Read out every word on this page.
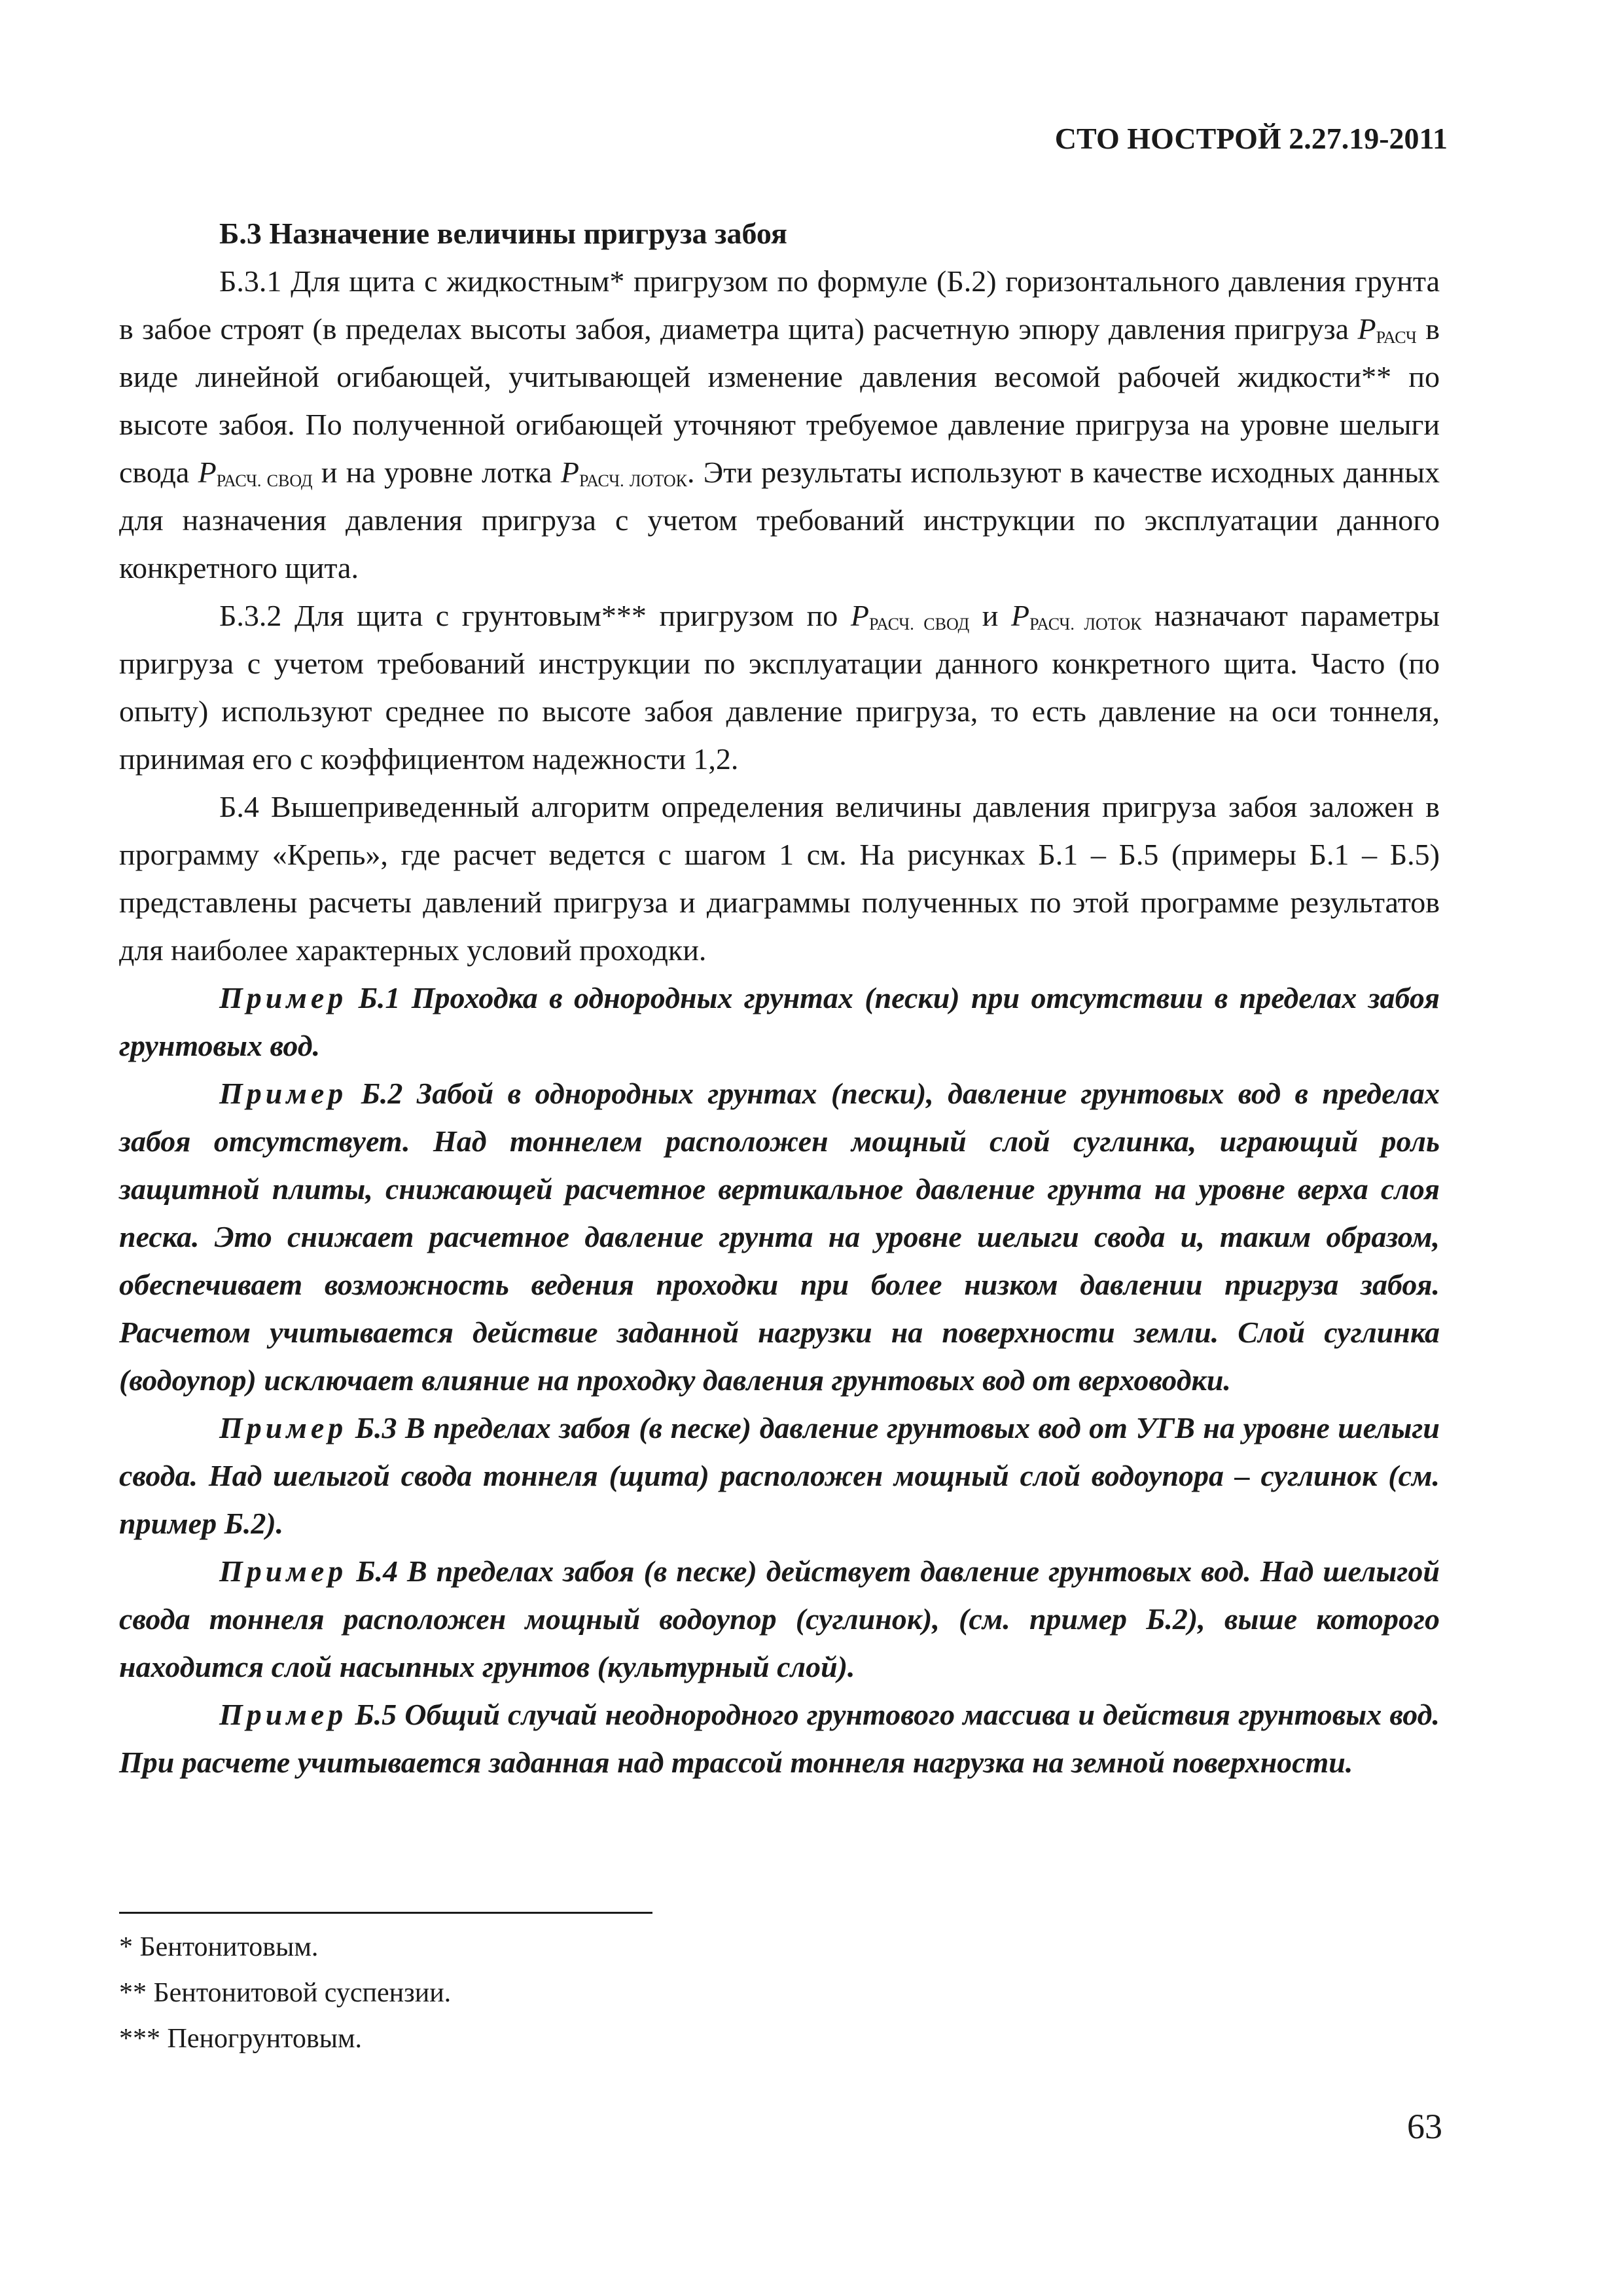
СТО НОСТРОЙ 2.27.19-2011

Б.3 Назначение величины пригруза забоя

Б.3.1 Для щита с жидкостным* пригрузом по формуле (Б.2) горизонтального давления грунта в забое строят (в пределах высоты забоя, диаметра щита) расчетную эпюру давления пригруза $P_{РАСЧ}$ в виде линейной огибающей, учитывающей изменение давления весомой рабочей жидкости** по высоте забоя. По полученной огибающей уточняют требуемое давление пригруза на уровне шелыги свода $P_{РАСЧ. СВОД}$ и на уровне лотка $P_{РАСЧ. ЛОТОК}$. Эти результаты используют в качестве исходных данных для назначения давления пригруза с учетом требований инструкции по эксплуатации данного конкретного щита.

Б.3.2 Для щита с грунтовым*** пригрузом по $P_{РАСЧ. СВОД}$ и $P_{РАСЧ. ЛОТОК}$ назначают параметры пригруза с учетом требований инструкции по эксплуатации данного конкретного щита. Часто (по опыту) используют среднее по высоте забоя давление пригруза, то есть давление на оси тоннеля, принимая его с коэффициентом надежности 1,2.

Б.4 Вышеприведенный алгоритм определения величины давления пригруза забоя заложен в программу «Крепь», где расчет ведется с шагом 1 см. На рисунках Б.1 – Б.5 (примеры Б.1 – Б.5) представлены расчеты давлений пригруза и диаграммы полученных по этой программе результатов для наиболее характерных условий проходки.

Пример Б.1 Проходка в однородных грунтах (пески) при отсутствии в пределах забоя грунтовых вод.

Пример Б.2 Забой в однородных грунтах (пески), давление грунтовых вод в пределах забоя отсутствует. Над тоннелем расположен мощный слой суглинка, играющий роль защитной плиты, снижающей расчетное вертикальное давление грунта на уровне верха слоя песка. Это снижает расчетное давление грунта на уровне шелыги свода и, таким образом, обеспечивает возможность ведения проходки при более низком давлении пригруза забоя. Расчетом учитывается действие заданной нагрузки на поверхности земли. Слой суглинка (водоупор) исключает влияние на проходку давления грунтовых вод от верховодки.

Пример Б.3 В пределах забоя (в песке) давление грунтовых вод от УГВ на уровне шелыги свода. Над шелыгой свода тоннеля (щита) расположен мощный слой водоупора – суглинок (см. пример Б.2).

Пример Б.4 В пределах забоя (в песке) действует давление грунтовых вод. Над шелыгой свода тоннеля расположен мощный водоупор (суглинок), (см. пример Б.2), выше которого находится слой насыпных грунтов (культурный слой).

Пример Б.5 Общий случай неоднородного грунтового массива и действия грунтовых вод. При расчете учитывается заданная над трассой тоннеля нагрузка на земной поверхности.

* Бентонитовым.
** Бентонитовой суспензии.
*** Пеногрунтовым.
63
